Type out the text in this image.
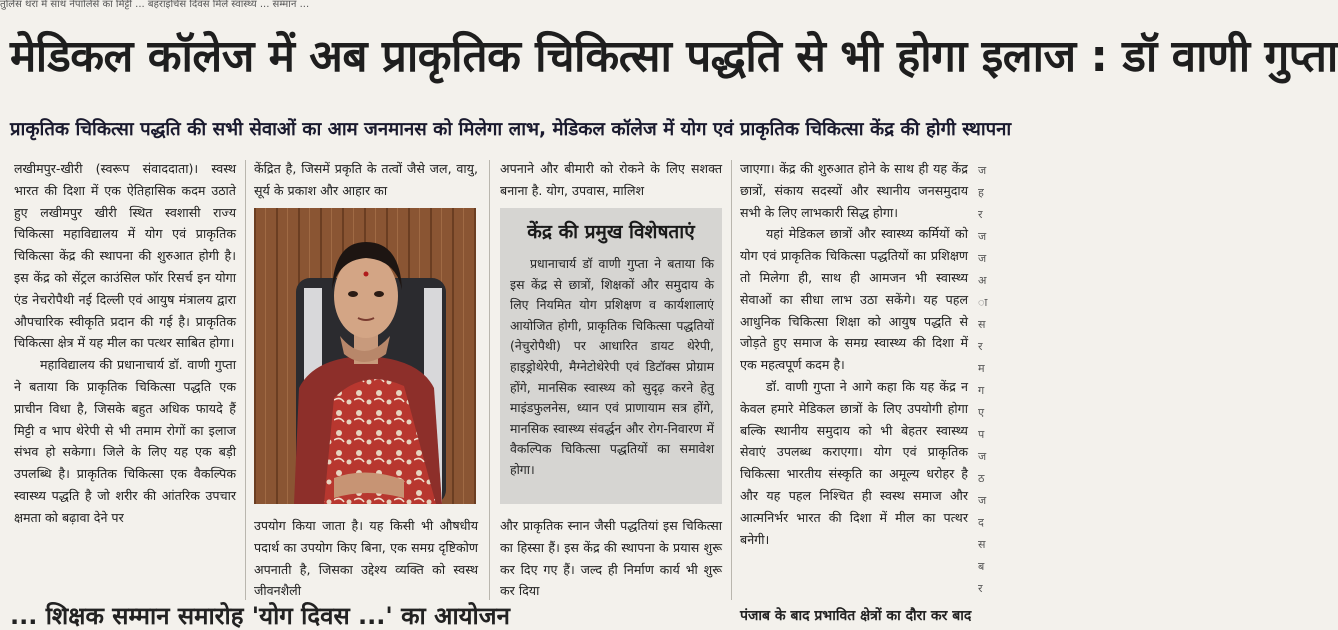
तुलिस थरा में साथ नेपालिसे का मिट्टी ... बहराइचिस दिवस मिले स्वास्थ्य ... सम्मान ...
मेडिकल कॉलेज में अब प्राकृतिक चिकित्सा पद्धति से भी होगा इलाज : डॉ वाणी गुप्ता
प्राकृतिक चिकित्सा पद्धति की सभी सेवाओं का आम जनमानस को मिलेगा लाभ, मेडिकल कॉलेज में योग एवं प्राकृतिक चिकित्सा केंद्र की होगी स्थापना

लखीमपुर-खीरी (स्वरूप संवाददाता)। स्वस्थ भारत की दिशा में एक ऐतिहासिक कदम उठाते हुए लखीमपुर खीरी स्थित स्वशासी राज्य चिकित्सा महाविद्यालय में योग एवं प्राकृतिक चिकित्सा केंद्र की स्थापना की शुरुआत होगी है। इस केंद्र को सेंट्रल काउंसिल फॉर रिसर्च इन योगा एंड नेचरोपैथी नई दिल्ली एवं आयुष मंत्रालय द्वारा औपचारिक स्वीकृति प्रदान की गई है। प्राकृतिक चिकित्सा क्षेत्र में यह मील का पत्थर साबित होगा।

महाविद्यालय की प्रधानाचार्य डॉ. वाणी गुप्ता ने बताया कि प्राकृतिक चिकित्सा पद्धति एक प्राचीन विधा है, जिसके बहुत अधिक फायदे हैं मिट्टी व भाप थेरेपी से भी तमाम रोगों का इलाज संभव हो सकेगा। जिले के लिए यह एक बड़ी उपलब्धि है। प्राकृतिक चिकित्सा एक वैकल्पिक स्वास्थ्य पद्धति है जो शरीर की आंतरिक उपचार क्षमता को बढ़ावा देने पर

केंद्रित है, जिसमें प्रकृति के तत्वों जैसे जल, वायु, सूर्य के प्रकाश और आहार का

उपयोग किया जाता है। यह किसी भी औषधीय पदार्थ का उपयोग किए बिना, एक समग्र दृष्टिकोण अपनाती है, जिसका उद्देश्य व्यक्ति को स्वस्थ जीवनशैली

अपनाने और बीमारी को रोकने के लिए सशक्त बनाना है. योग, उपवास, मालिश

केंद्र की प्रमुख विशेषताएं
प्रधानाचार्य डॉ वाणी गुप्ता ने बताया कि इस केंद्र से छात्रों, शिक्षकों और समुदाय के लिए नियमित योग प्रशिक्षण व कार्यशालाएं आयोजित होगी, प्राकृतिक चिकित्सा पद्धतियों (नेचुरोपैथी) पर आधारित डायट थेरेपी, हाइड्रोथेरेपी, मैग्नेटोथेरेपी एवं डिटॉक्स प्रोग्राम होंगे, मानसिक स्वास्थ्य को सुदृढ़ करने हेतु माइंडफुलनेस, ध्यान एवं प्राणायाम सत्र होंगे, मानसिक स्वास्थ्य संवर्द्धन और रोग-निवारण में वैकल्पिक चिकित्सा पद्धतियों का समावेश होगा।

और प्राकृतिक स्नान जैसी पद्धतियां इस चिकित्सा का हिस्सा हैं। इस केंद्र की स्थापना के प्रयास शुरू कर दिए गए हैं। जल्द ही निर्माण कार्य भी शुरू कर दिया

जाएगा। केंद्र की शुरुआत होने के साथ ही यह केंद्र छात्रों, संकाय सदस्यों और स्थानीय जनसमुदाय सभी के लिए लाभकारी सिद्ध होगा।

यहां मेडिकल छात्रों और स्वास्थ्य कर्मियों को योग एवं प्राकृतिक चिकित्सा पद्धतियों का प्रशिक्षण तो मिलेगा ही, साथ ही आमजन भी स्वास्थ्य सेवाओं का सीधा लाभ उठा सकेंगे। यह पहल आधुनिक चिकित्सा शिक्षा को आयुष पद्धति से जोड़ते हुए समाज के समग्र स्वास्थ्य की दिशा में एक महत्वपूर्ण कदम है।

डॉ. वाणी गुप्ता ने आगे कहा कि यह केंद्र न केवल हमारे मेडिकल छात्रों के लिए उपयोगी होगा बल्कि स्थानीय समुदाय को भी बेहतर स्वास्थ्य सेवाएं उपलब्ध कराएगा। योग एवं प्राकृतिक चिकित्सा भारतीय संस्कृति का अमूल्य धरोहर है और यह पहल निश्चित ही स्वस्थ समाज और आत्मनिर्भर भारत की दिशा में मील का पत्थर बनेगी।

ज
ह
र
ज
ज
अ
ा
स
र
म
ग
ए
प
ज
ठ
ज
द
स
ब
र
... शिक्षक सम्मान समारोह 'योग दिवस ...' का आयोजन	पंजाब के बाद प्रभावित क्षेत्रों का दौरा कर बाद
